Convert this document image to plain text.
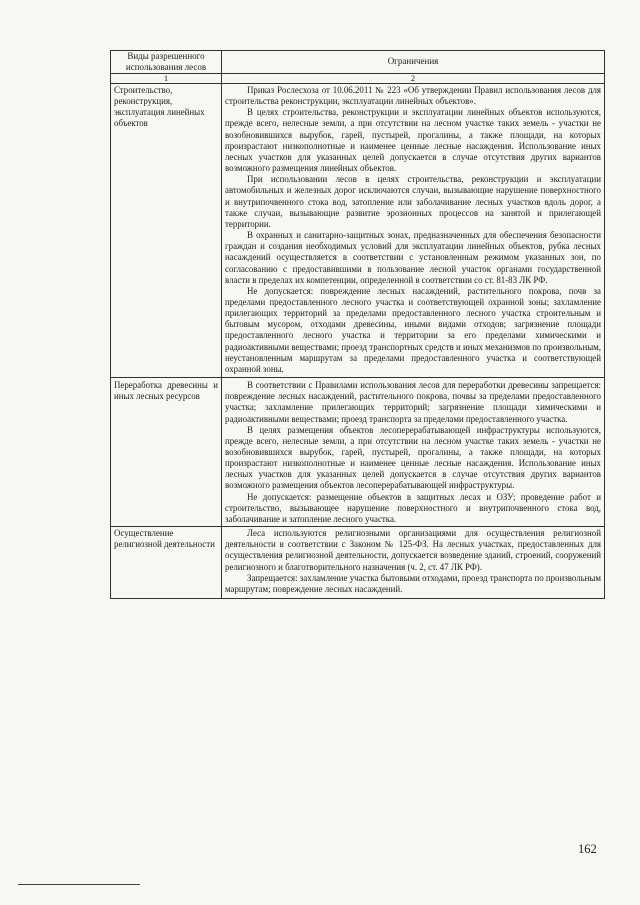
Виды разрешенного использования лесов	Ограничения
1	2
Строительство, реконструкция, эксплуатация линейных объектов	Приказ Рослесхоза от 10.06.2011 № 223 «Об утверждении Правил использования лесов для строительства реконструкции, эксплуатации линейных объектов».

В целях строительства, реконструкции и эксплуатации линейных объектов используются, прежде всего, нелесные земли, а при отсутствии на лесном участке таких земель - участки не возобновившихся вырубок, гарей, пустырей, прогалины, а также площади, на которых произрастают низкополнотные и наименее ценные лесные насаждения. Использование иных лесных участков для указанных целей допускается в случае отсутствия других вариантов возможного размещения линейных объектов.

При использовании лесов в целях строительства, реконструкции и эксплуатации автомобильных и железных дорог исключаются случаи, вызывающие нарушение поверхностного и внутрипочвенного стока вод, затопление или заболачивание лесных участков вдоль дорог, а также случаи, вызывающие развитие эрозионных процессов на занятой и прилегающей территории.

В охранных и санитарно-защитных зонах, предназначенных для обеспечения безопасности граждан и создания необходимых условий для эксплуатации линейных объектов, рубка лесных насаждений осуществляется в соответствии с установленным режимом указанных зон, по согласованию с предоставившими в пользование лесной участок органами государственной власти в пределах их компетенции, определенной в соответствии со ст. 81-83 ЛК РФ.

Не допускается: повреждение лесных насаждений, растительного покрова, почв за пределами предоставленного лесного участка и соответствующей охранной зоны; захламление прилегающих территорий за пределами предоставленного лесного участка строительным и бытовым мусором, отходами древесины, иными видами отходов; загрязнение площади предоставленного лесного участка и территории за его пределами химическими и радиоактивными веществами; проезд транспортных средств и иных механизмов по произвольным, неустановленным маршрутам за пределами предоставленного участка и соответствующей охранной зоны.

Переработка древесины и иных лесных ресурсов	В соответствии с Правилами использования лесов для переработки древесины запрещается: повреждение лесных насаждений, растительного покрова, почвы за пределами предоставленного участка; захламление прилегающих территорий; загрязнение площади химическими и радиоактивными веществами; проезд транспорта за пределами предоставленного участка.

В целях размещения объектов лесоперерабатывающей инфраструктуры используются, прежде всего, нелесные земли, а при отсутствии на лесном участке таких земель - участки не возобновившихся вырубок, гарей, пустырей, прогалины, а также площади, на которых произрастают низкополнотные и наименее ценные лесные насаждения. Использование иных лесных участков для указанных целей допускается в случае отсутствия других вариантов возможного размещения объектов лесоперерабатывающей инфраструктуры.

Не допускается: размещение объектов в защитных лесах и ОЗУ; проведение работ и строительство, вызывающее нарушение поверхностного и внутрипочвенного стока вод, заболачивание и затопление лесного участка.

Осуществление религиозной деятельности	Леса используются религиозными организациями для осуществления религиозной деятельности в соответствии с Законом № 125-ФЗ. На лесных участках, предоставленных для осуществления религиозной деятельности, допускается возведение зданий, строений, сооружений религиозного и благотворительного назначения (ч. 2, ст. 47 ЛК РФ).

Запрещается: захламление участка бытовыми отходами, проезд транспорта по произвольным маршрутам; повреждение лесных насаждений.

162
